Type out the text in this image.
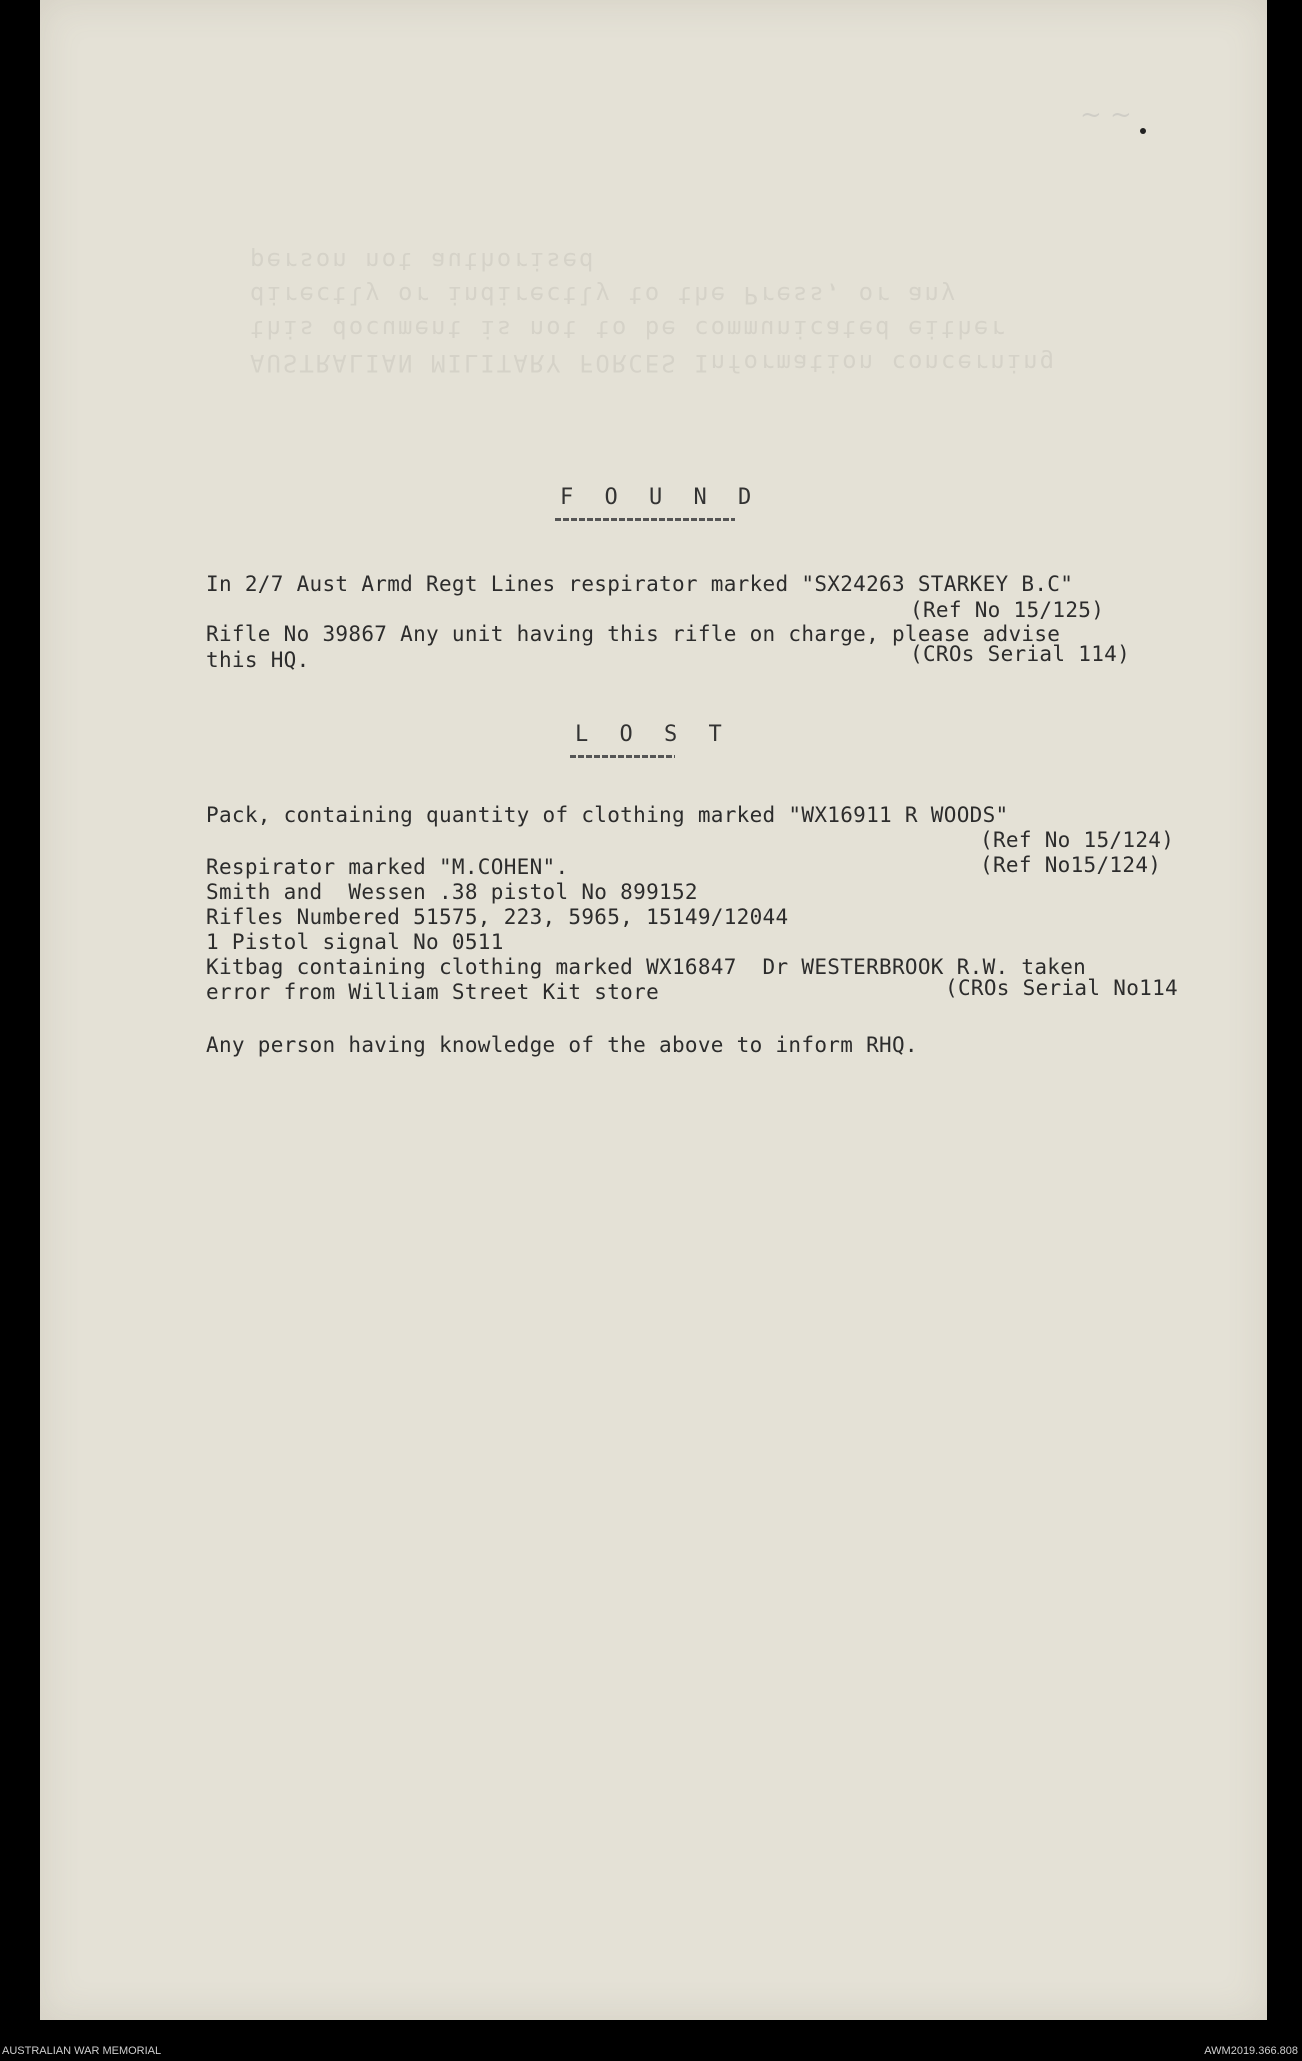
AUSTRALIAN MILITARY FORCES Information concerning this document is not to be communicated either directly or indirectly to the Press, or any person not authorised
~ ~
F O U N D
In 2/7 Aust Armd Regt Lines respirator marked "SX24263 STARKEY B.C"
(Ref No 15/125)
Rifle No 39867 Any unit having this rifle on charge, please advise
this HQ.	(CROs Serial 114)
L O S T
Pack, containing quantity of clothing marked "WX16911 R WOODS"
(Ref No 15/124)
Respirator marked "M.COHEN".	(Ref No15/124)
Smith and  Wessen .38 pistol No 899152
Rifles Numbered 51575, 223, 5965, 15149/12044
1 Pistol signal No 0511
Kitbag containing clothing marked WX16847  Dr WESTERBROOK R.W. taken
error from William Street Kit store	(CROs Serial No114
Any person having knowledge of the above to inform RHQ.
AUSTRALIAN WAR MEMORIAL	AWM2019.366.808
